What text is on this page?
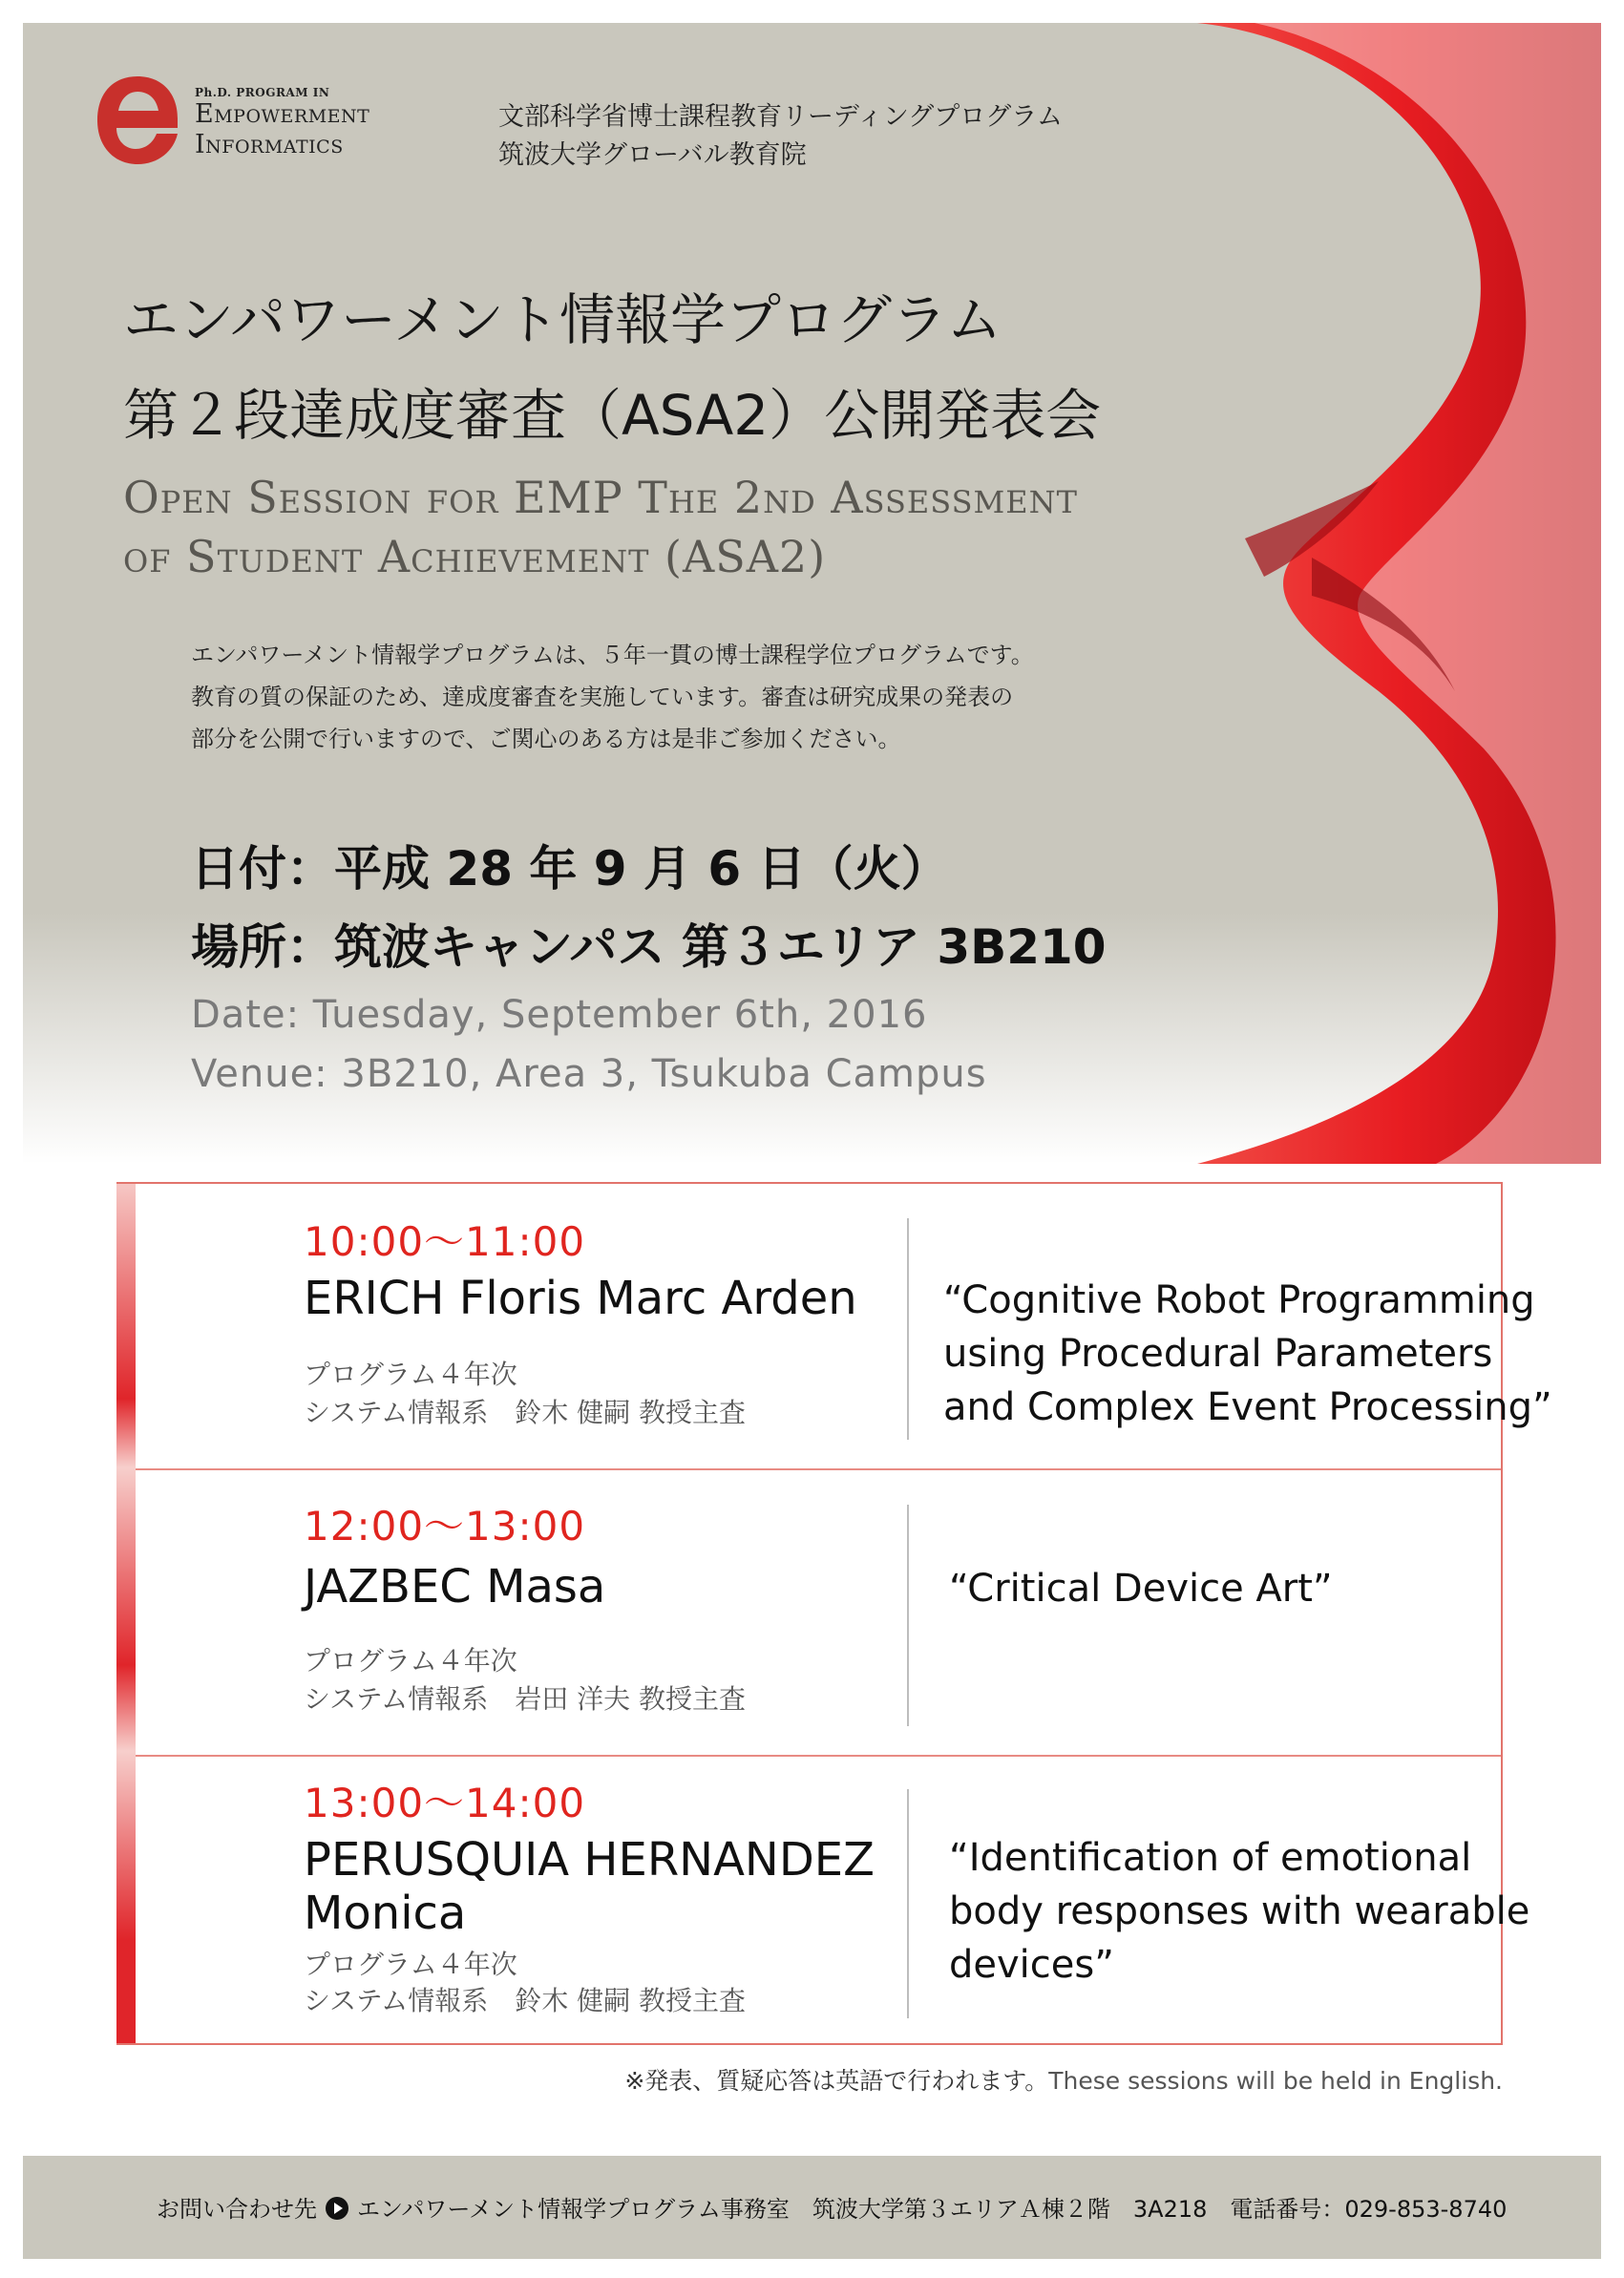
Ph.D. PROGRAM IN
Empowerment
Informatics
文部科学省博士課程教育リーディングプログラム
筑波大学グローバル教育院
エンパワーメント情報学プログラム
第２段達成度審査（ASA2）公開発表会
Open Session for EMP The 2nd Assessment
of Student Achievement (ASA2)
エンパワーメント情報学プログラムは、５年一貫の博士課程学位プログラムです。
教育の質の保証のため、達成度審査を実施しています。審査は研究成果の発表の
部分を公開で行いますので、ご関心のある方は是非ご参加ください。
日付：平成 28 年 9 月 6 日（火）
場所：筑波キャンパス 第３エリア 3B210
Date: Tuesday, September 6th, 2016
Venue: 3B210, Area 3, Tsukuba Campus
10:00～11:00
ERICH Floris Marc Arden
プログラム４年次
システム情報系　鈴木 健嗣 教授主査
“Cognitive Robot Programming
using Procedural Parameters
and Complex Event Processing”
12:00～13:00
JAZBEC Masa
プログラム４年次
システム情報系　岩田 洋夫 教授主査
“Critical Device Art”
13:00～14:00
PERUSQUIA HERNANDEZ
Monica
プログラム４年次
システム情報系　鈴木 健嗣 教授主査
“Identification of emotional
body responses with wearable
devices”
※発表、質疑応答は英語で行われます。These sessions will be held in English.
お問い合わせ先 エンパワーメント情報学プログラム事務室　筑波大学第３エリアＡ棟２階　3A218　電話番号：029-853-8740
